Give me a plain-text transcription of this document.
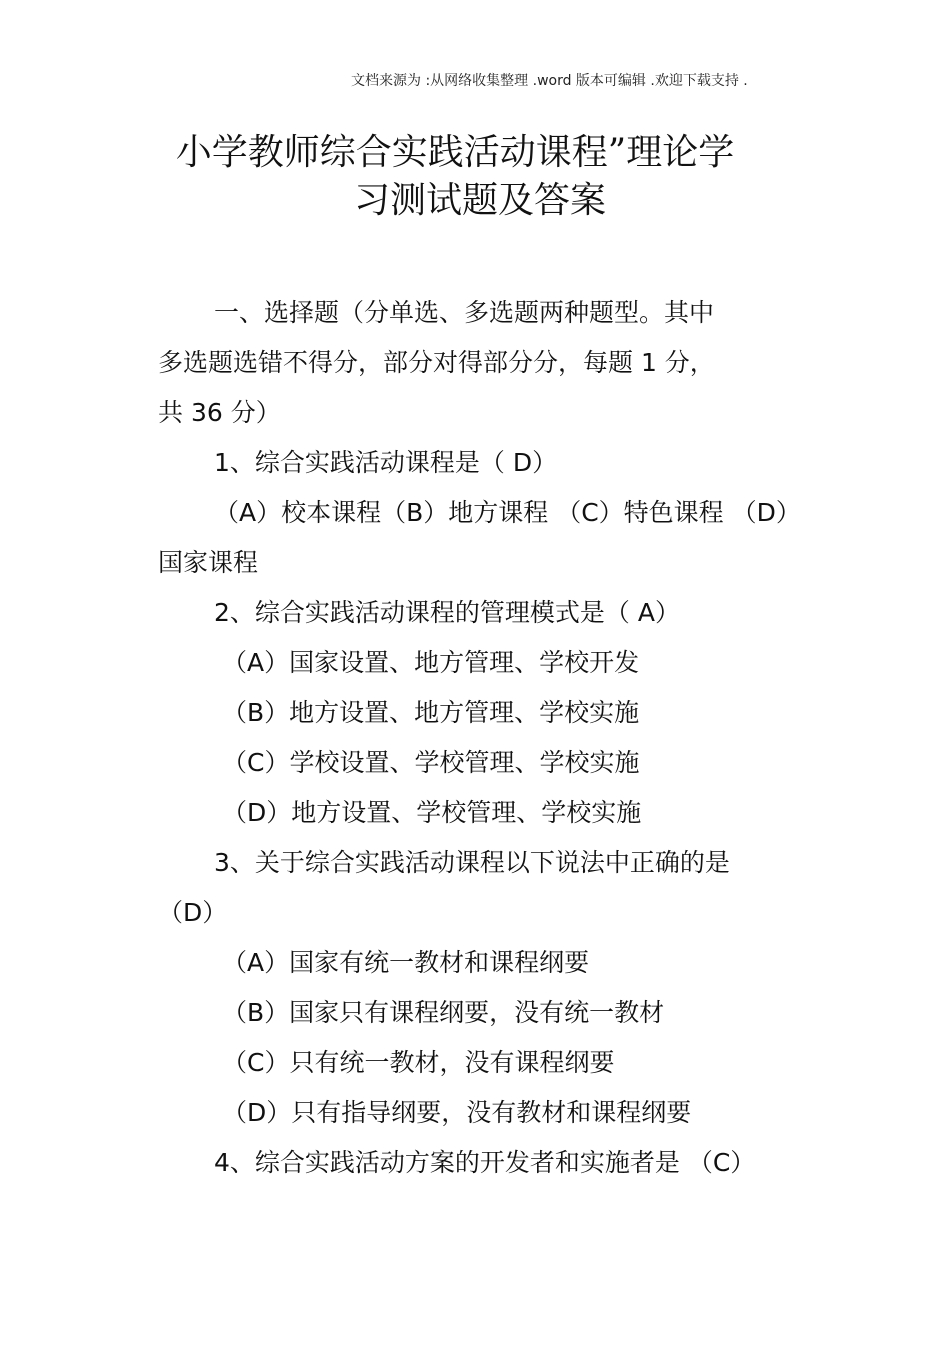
文档来源为 :从网络收集整理 .word 版本可编辑 .欢迎下载支持 .
小学教师综合实践活动课程”理论学
习测试题及答案
一、选择题（分单选、多选题两种题型。其中
多选题选错不得分，部分对得部分分，每题 1 分，
共 36 分）
1、综合实践活动课程是（ D）
（A）校本课程（B）地方课程 （C）特色课程 （D）
国家课程
2、综合实践活动课程的管理模式是（ A）
（A）国家设置、地方管理、学校开发
（B）地方设置、地方管理、学校实施
（C）学校设置、学校管理、学校实施
（D）地方设置、学校管理、学校实施
3、关于综合实践活动课程以下说法中正确的是
（D）
（A）国家有统一教材和课程纲要
（B）国家只有课程纲要，没有统一教材
（C）只有统一教材，没有课程纲要
（D）只有指导纲要，没有教材和课程纲要
4、综合实践活动方案的开发者和实施者是 （C）
